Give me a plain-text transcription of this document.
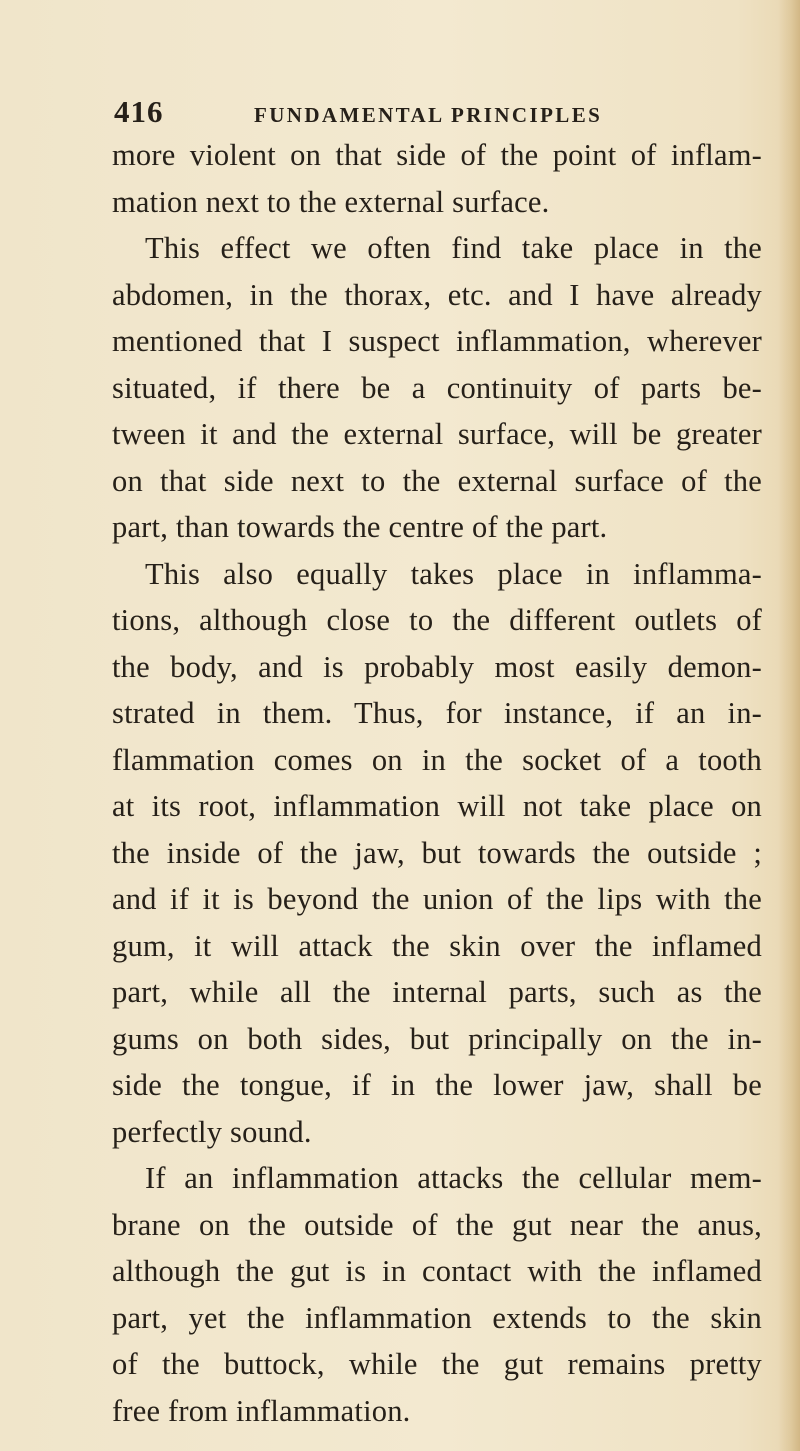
416	FUNDAMENTAL PRINCIPLES
more violent on that side of the point of inflam-
mation next to the external surface.
This effect we often find take place in the
abdomen, in the thorax, etc. and I have already
mentioned that I suspect inflammation, wherever
situated, if there be a continuity of parts be-
tween it and the external surface, will be greater
on that side next to the external surface of the
part, than towards the centre of the part.
This also equally takes place in inflamma-
tions, although close to the different outlets of
the body, and is probably most easily demon-
strated in them. Thus, for instance, if an in-
flammation comes on in the socket of a tooth
at its root, inflammation will not take place on
the inside of the jaw, but towards the outside ;
and if it is beyond the union of the lips with the
gum, it will attack the skin over the inflamed
part, while all the internal parts, such as the
gums on both sides, but principally on the in-
side the tongue, if in the lower jaw, shall be
perfectly sound.
If an inflammation attacks the cellular mem-
brane on the outside of the gut near the anus,
although the gut is in contact with the inflamed
part, yet the inflammation extends to the skin
of the buttock, while the gut remains pretty
free from inflammation.
